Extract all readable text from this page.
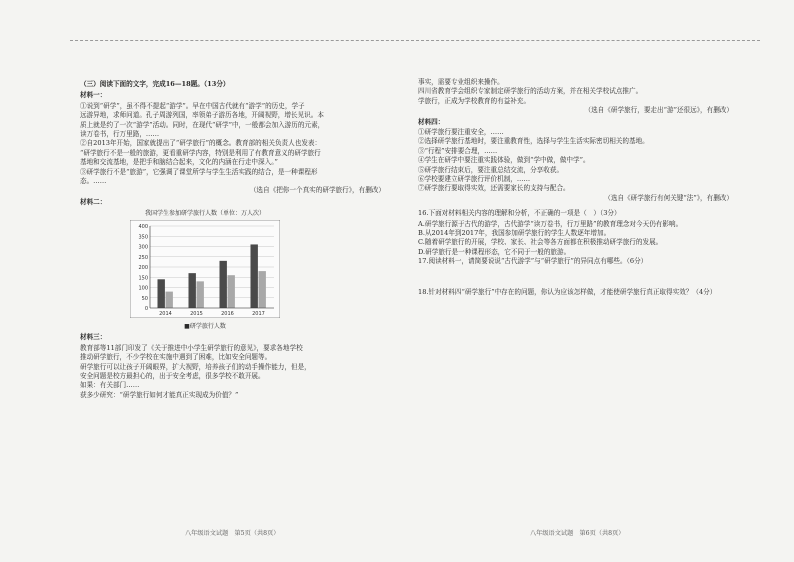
（三）阅读下面的文字，完成16—18题。（13分）
材料一：
①说到“研学”，虽不得不提起“游学”。早在中国古代就有“游学”的历史，学子
远游异地，求师问道。孔子周游列国，率领弟子游历各地，开阔视野，增长见识。本
质上就是约了一次“游学”活动。同时，在现代“研学”中，一般都会加入游历的元素，
读万卷书，行万里路，……
②自2013年开始，国家就提出了“研学旅行”的概念。教育部的相关负责人也发表：
“研学旅行不是一般的旅游，更看重研学内容，特别是利用了有教育意义的研学旅行
基地和交流基地，是把手和脑结合起来，文化的内涵在行走中深入。”
③研学旅行不是“旅游”，它强调了课堂所学与学生生活实践的结合，是一种课程形
态。……
（选自《把你一个真实的研学旅行》，有删改）
材料二：
我国学生参加研学旅行人数（单位：万人次）
400
350
300
250
200
150
100
50
0
2014	2015	2016	2017
■研学旅行人数
材料三：
教育部等11部门印发了《关于推进中小学生研学旅行的意见》，要求各地学校
推动研学旅行，不少学校在实施中遇到了困难，比如安全问题等。
研学旅行可以让孩子开阔眼界，扩大视野，培养孩子们的动手操作能力，但是，
安全问题是校方最担心的，出于安全考虑，很多学校不敢开展。
如果：有关部门……
获多少研究：“研学旅行如何才能真正实现成为价值？”
八年级语文试题　第5页（共8页）
事实，需要专业组织来操作。
四川省教育学会组织专家制定研学旅行的活动方案，并在相关学校试点推广。
学旅行，正成为学校教育的有益补充。
（选自《研学旅行，要走出“游”还很远》，有删改）
材料四：
①研学旅行要注重安全，……
②选择研学旅行基地时，要注重教育性，选择与学生生活实际密切相关的基地。
③“行程”安排要合理，……
④学生在研学中要注重实践体验，做到“学中做，做中学”。
⑤研学旅行结束后，要注重总结交流，分享收获。
⑥学校要建立研学旅行评价机制，……
⑦研学旅行要取得实效，还需要家长的支持与配合。
（选自《研学旅行有何关键“法”》，有删改）
16.下面对材料相关内容的理解和分析，不正确的一项是（　）（3分）
A.研学旅行源于古代的游学，古代游学“读万卷书，行万里路”的教育理念对今天仍有影响。
B.从2014年到2017年，我国参加研学旅行的学生人数逐年增加。
C.随着研学旅行的开展，学校、家长、社会等各方面都在积极推动研学旅行的发展。
D.研学旅行是一种课程形态，它不同于一般的旅游。
17.阅读材料一，请简要说说“古代游学”与“研学旅行”的异同点有哪些。（6分）
18.针对材料四“研学旅行”中存在的问题，你认为应该怎样做，才能使研学旅行真正取得实效？（4分）
八年级语文试题　第6页（共8页）
